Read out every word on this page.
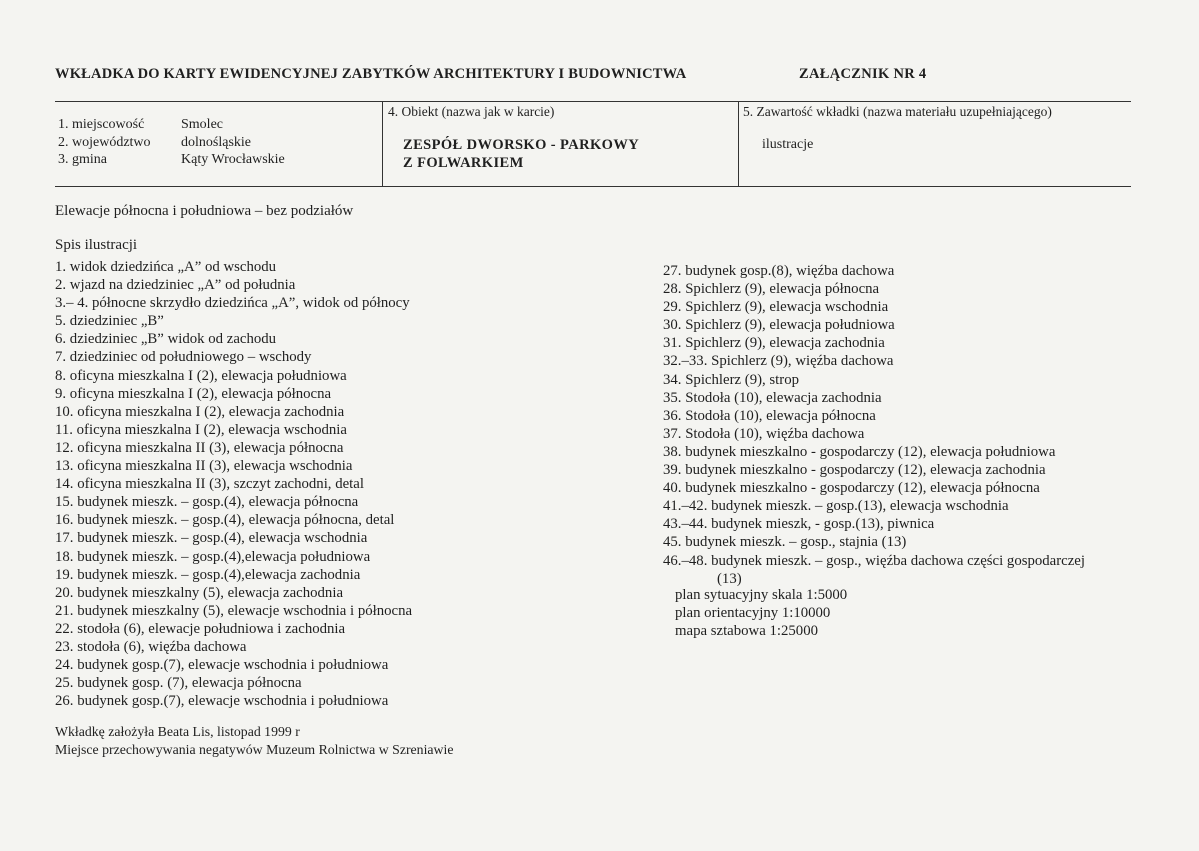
WKŁADKA DO KARTY EWIDENCYJNEJ ZABYTKÓW ARCHITEKTURY I BUDOWNICTWA	ZAŁĄCZNIK NR 4
1. miejscowość	Smolec
2. województwo dolnośląskie
3. gmina	Kąty Wrocławskie
4. Obiekt (nazwa jak w karcie)
ZESPÓŁ DWORSKO - PARKOWY
Z FOLWARKIEM
5. Zawartość wkładki (nazwa materiału uzupełniającego)
ilustracje
Elewacje północna i południowa – bez podziałów
Spis ilustracji
1. widok dziedzińca „A” od wschodu
2. wjazd na dziedziniec „A” od południa
3.– 4. północne skrzydło dziedzińca „A”, widok od północy
5. dziedziniec „B”
6. dziedziniec „B” widok od zachodu
7. dziedziniec od południowego – wschody
8. oficyna mieszkalna I (2), elewacja południowa
9. oficyna mieszkalna I (2), elewacja północna
10. oficyna mieszkalna I (2), elewacja zachodnia
11. oficyna mieszkalna I (2), elewacja wschodnia
12. oficyna mieszkalna II (3), elewacja północna
13. oficyna mieszkalna II (3), elewacja wschodnia
14. oficyna mieszkalna II (3), szczyt zachodni, detal
15. budynek mieszk. – gosp.(4), elewacja północna
16. budynek mieszk. – gosp.(4), elewacja północna, detal
17. budynek mieszk. – gosp.(4), elewacja wschodnia
18. budynek mieszk. – gosp.(4),elewacja południowa
19. budynek mieszk. – gosp.(4),elewacja zachodnia
20. budynek mieszkalny (5), elewacja zachodnia
21. budynek mieszkalny (5), elewacje wschodnia i północna
22. stodoła (6), elewacje południowa i zachodnia
23. stodoła (6), więźba dachowa
24. budynek gosp.(7), elewacje wschodnia i południowa
25. budynek gosp. (7), elewacja północna
26. budynek gosp.(7), elewacje wschodnia i południowa
27. budynek gosp.(8), więźba dachowa
28. Spichlerz (9), elewacja północna
29. Spichlerz (9), elewacja wschodnia
30. Spichlerz (9), elewacja południowa
31. Spichlerz (9), elewacja zachodnia
32.–33. Spichlerz (9), więźba dachowa
34. Spichlerz (9), strop
35. Stodoła (10), elewacja zachodnia
36. Stodoła (10), elewacja północna
37. Stodoła (10), więźba dachowa
38. budynek mieszkalno - gospodarczy (12), elewacja południowa
39. budynek mieszkalno - gospodarczy (12), elewacja zachodnia
40. budynek mieszkalno - gospodarczy (12), elewacja północna
41.–42. budynek mieszk. – gosp.(13), elewacja wschodnia
43.–44. budynek mieszk, - gosp.(13), piwnica
45. budynek mieszk. – gosp., stajnia (13)
46.–48. budynek mieszk. – gosp., więźba dachowa części gospodarczej
(13)
plan sytuacyjny skala 1:5000
plan orientacyjny 1:10000
mapa sztabowa 1:25000
Wkładkę założyła Beata Lis, listopad 1999 r
Miejsce przechowywania negatywów Muzeum Rolnictwa w Szreniawie
